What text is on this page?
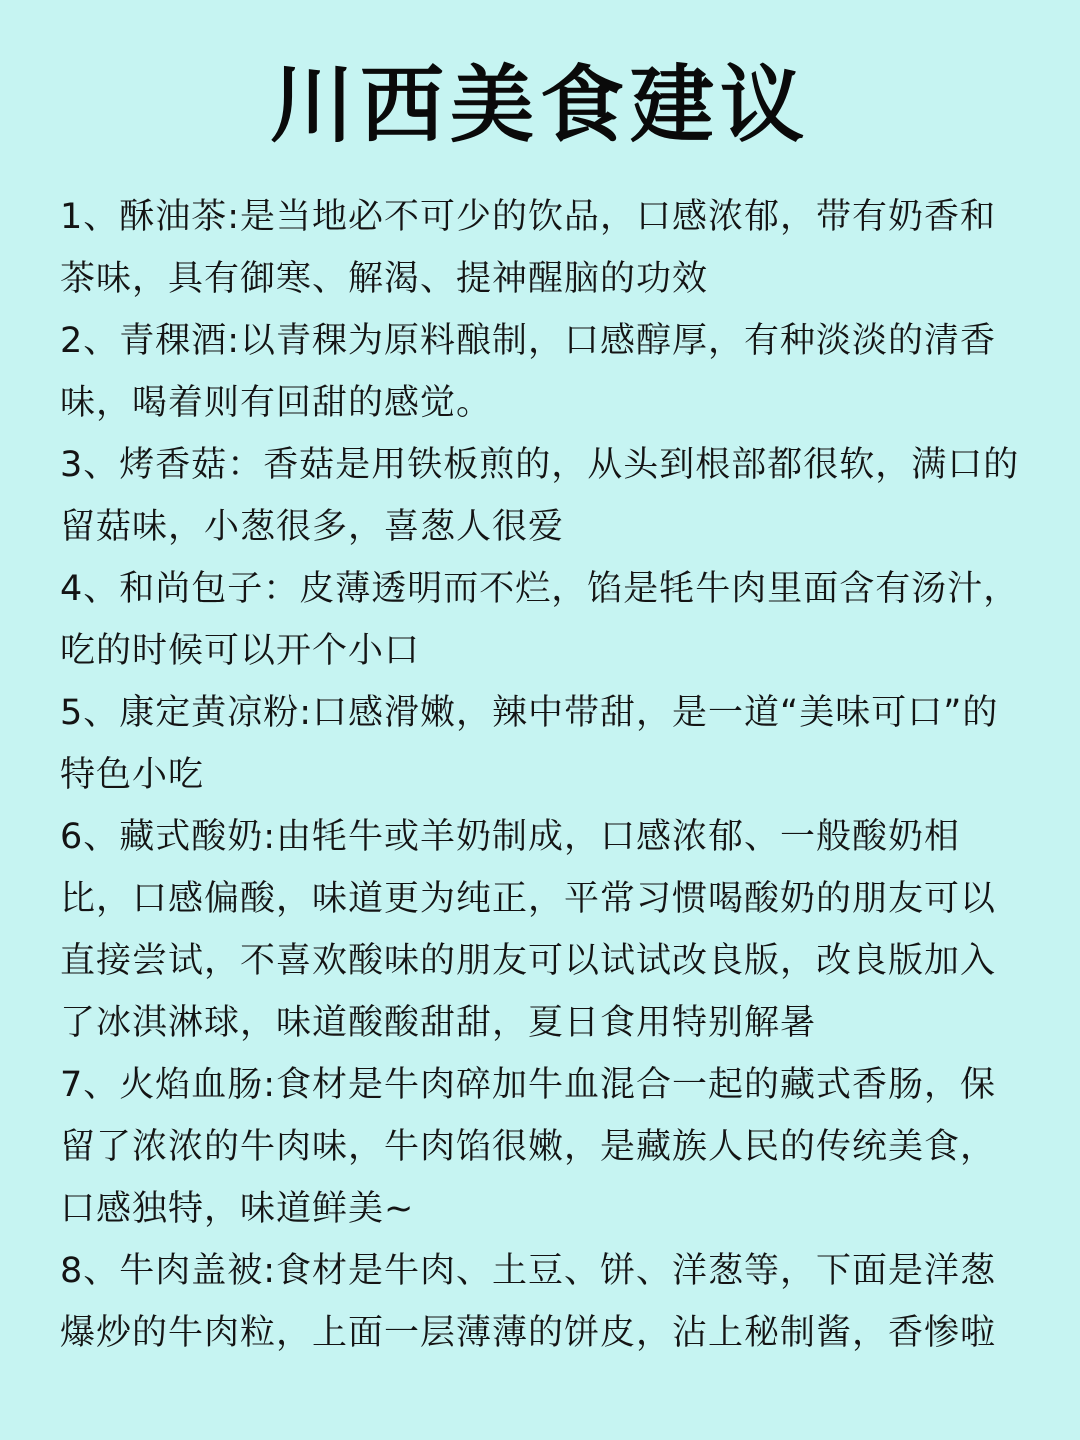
川西美食建议

1、酥油茶:是当地必不可少的饮品，口感浓郁，带有奶香和茶味，具有御寒、解渴、提神醒脑的功效

2、青稞酒:以青稞为原料酿制，口感醇厚，有种淡淡的清香味，喝着则有回甜的感觉。

3、烤香菇：香菇是用铁板煎的，从头到根部都很软，满口的留菇味，小葱很多，喜葱人很爱

4、和尚包子：皮薄透明而不烂，馅是牦牛肉里面含有汤汁，吃的时候可以开个小口

5、康定黄凉粉:口感滑嫩，辣中带甜，是一道“美味可口”的特色小吃

6、藏式酸奶:由牦牛或羊奶制成，口感浓郁、一般酸奶相比，口感偏酸，味道更为纯正，平常习惯喝酸奶的朋友可以直接尝试，不喜欢酸味的朋友可以试试改良版，改良版加入了冰淇淋球，味道酸酸甜甜，夏日食用特别解暑

7、火焰血肠:食材是牛肉碎加牛血混合一起的藏式香肠，保留了浓浓的牛肉味，牛肉馅很嫩，是藏族人民的传统美食，口感独特，味道鲜美~

8、牛肉盖被:食材是牛肉、土豆、饼、洋葱等，下面是洋葱爆炒的牛肉粒，上面一层薄薄的饼皮，沾上秘制酱，香惨啦
